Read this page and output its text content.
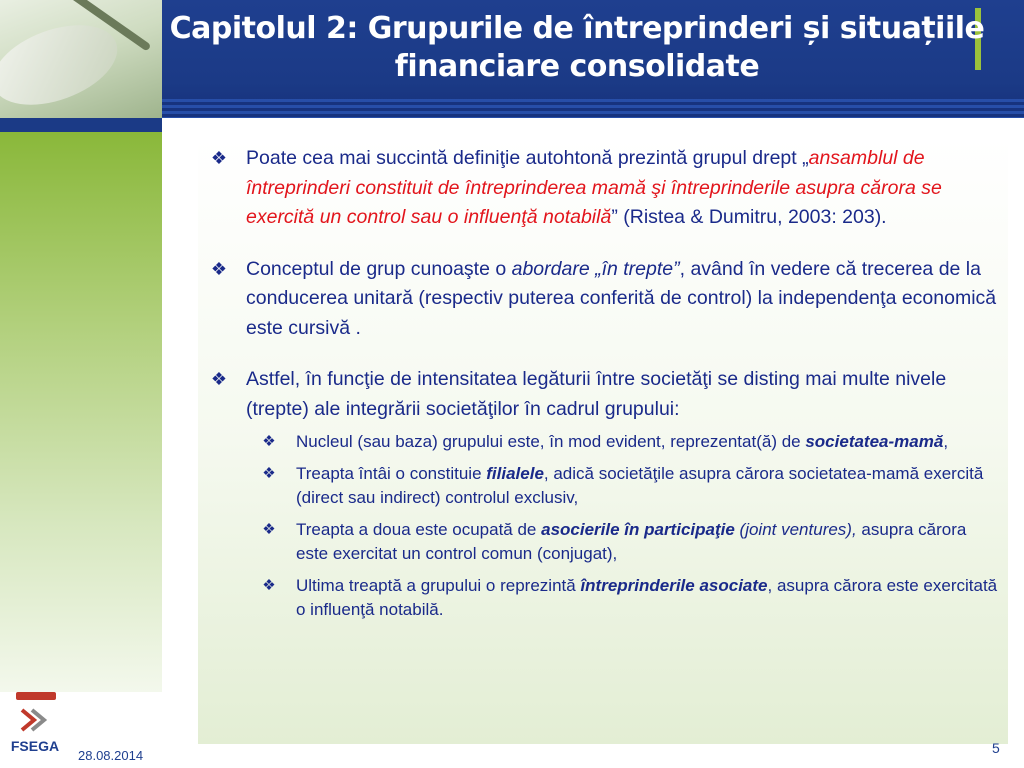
Capitolul 2: Grupurile de întreprinderi și situațiile
financiare consolidate
❖ Poate cea mai succintă definiţie autohtonă prezintă grupul drept „ansamblul de întreprinderi constituit de întreprinderea mamă şi întreprinderile asupra cărora se exercită un control sau o influenţă notabilă” (Ristea & Dumitru, 2003: 203).
❖ Conceptul de grup cunoaşte o abordare „în trepte”, având în vedere că trecerea de la conducerea unitară (respectiv puterea conferită de control) la independenţa economică este cursivă .
❖ Astfel, în funcţie de intensitatea legăturii între societăţi se disting mai multe nivele (trepte) ale integrării societăţilor în cadrul grupului:
❖ Nucleul (sau baza) grupului este, în mod evident, reprezentat(ă) de societatea-mamă,
❖ Treapta întâi o constituie filialele, adică societăţile asupra cărora societatea-mamă exercită (direct sau indirect) controlul exclusiv,
❖ Treapta a doua este ocupată de asocierile în participaţie (joint ventures), asupra cărora este exercitat un control comun (conjugat),
❖ Ultima treaptă a grupului o reprezintă întreprinderile asociate, asupra cărora este exercitată o influenţă notabilă.
FSEGA
28.08.2014	5
